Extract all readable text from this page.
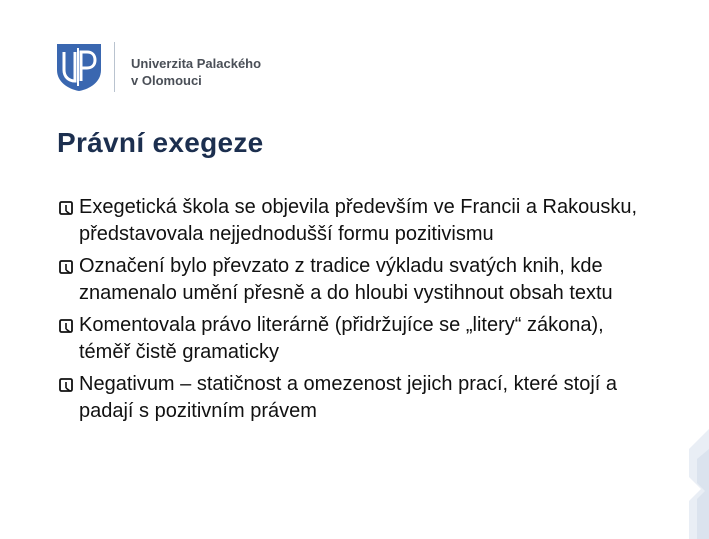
Univerzita Palackého
v Olomouci
Právní exegeze
Exegetická škola se objevila především ve Francii a Rakousku, představovala nejjednodušší formu pozitivismu
Označení bylo převzato z tradice výkladu svatých knih, kde znamenalo umění přesně a do hloubi vystihnout obsah textu
Komentovala právo literárně (přidržujíce se „litery“ zákona), téměř čistě gramaticky
Negativum – statičnost a omezenost jejich prací, které stojí a padají s pozitivním právem
